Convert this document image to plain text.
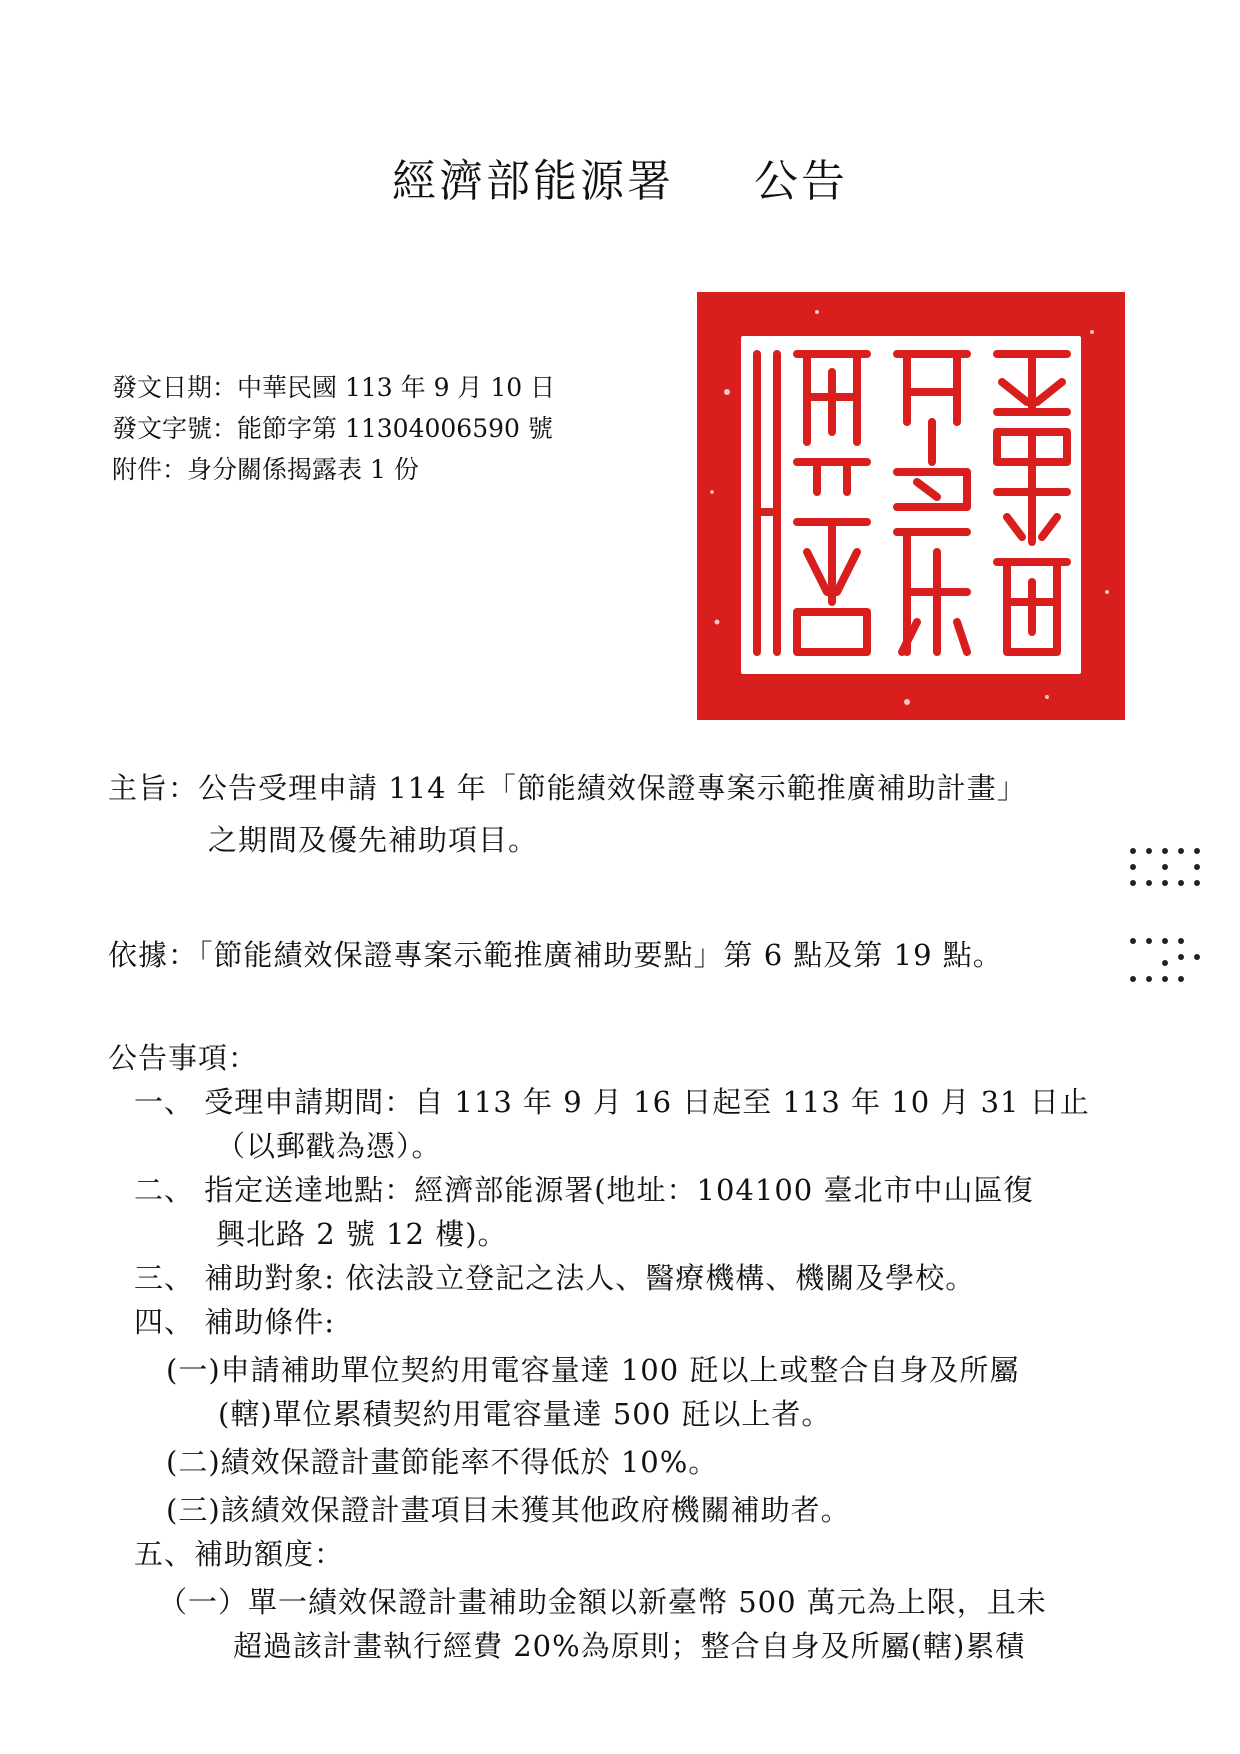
經濟部能源署 公告
發文日期：中華民國 113 年 9 月 10 日
發文字號：能節字第 11304006590 號
附件：身分關係揭露表 1 份
主旨：公告受理申請 114 年「節能績效保證專案示範推廣補助計畫」
之期間及優先補助項目。
依據：「節能績效保證專案示範推廣補助要點」第 6 點及第 19 點。
公告事項：
一、 受理申請期間：自 113 年 9 月 16 日起至 113 年 10 月 31 日止
（以郵戳為憑）。
二、 指定送達地點：經濟部能源署(地址：104100 臺北市中山區復
興北路 2 號 12 樓)。
三、 補助對象: 依法設立登記之法人、醫療機構、機關及學校。
四、 補助條件:
(一)申請補助單位契約用電容量達 100 瓩以上或整合自身及所屬
(轄)單位累積契約用電容量達 500 瓩以上者。
(二)績效保證計畫節能率不得低於 10%。
(三)該績效保證計畫項目未獲其他政府機關補助者。
五、補助額度：
（一）單一績效保證計畫補助金額以新臺幣 500 萬元為上限，且未
超過該計畫執行經費 20%為原則；整合自身及所屬(轄)累積
